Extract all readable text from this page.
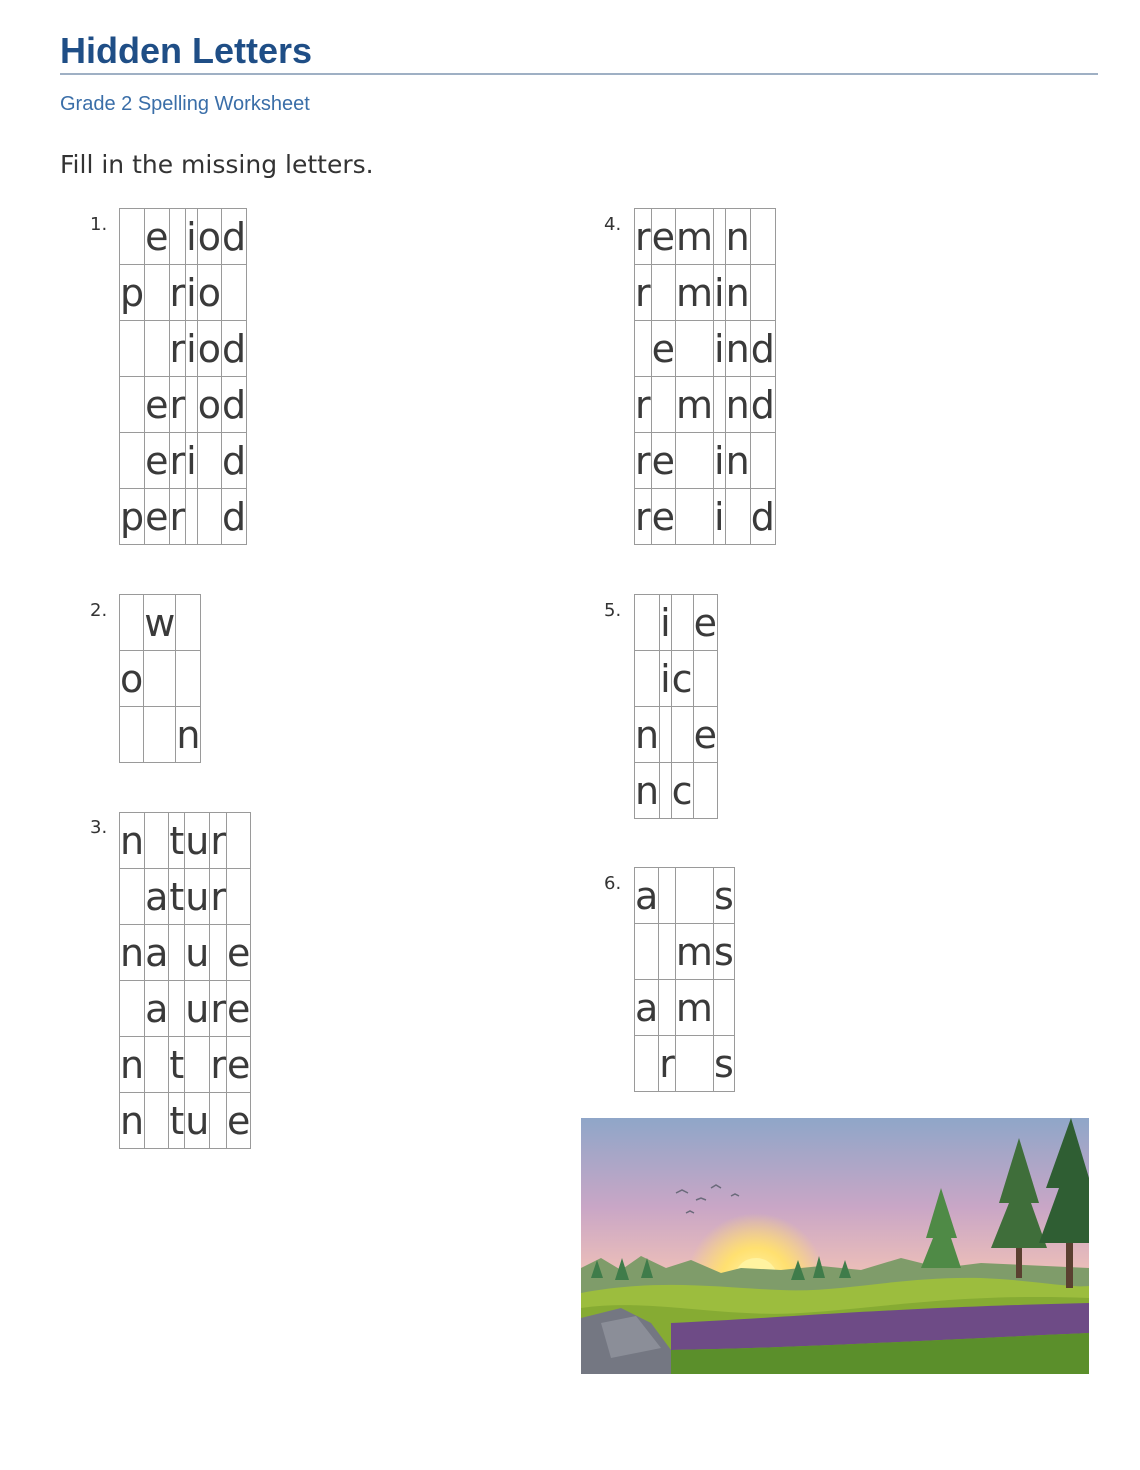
Hidden Letters
Grade 2 Spelling Worksheet
Fill in the missing letters.
1.
	e		i	o	d
p		r	i	o	
		r	i	o	d
	e	r		o	d
	e	r	i		d
p	e	r			d
2.
	w	
o		
		n
3. n		t	u	r	
	a	t	u	r	
n	a		u		e
	a		u	r	e
n		t		r	e
n		t	u		e
4. r	e	m		n	
r		m	i	n	
	e		i	n	d
r		m		n	d
r	e		i	n	
r	e		i		d
5.
	i		e
	i	c	
n			e
n		c	
6. a			s
		m	s
a		m	
	r		s
